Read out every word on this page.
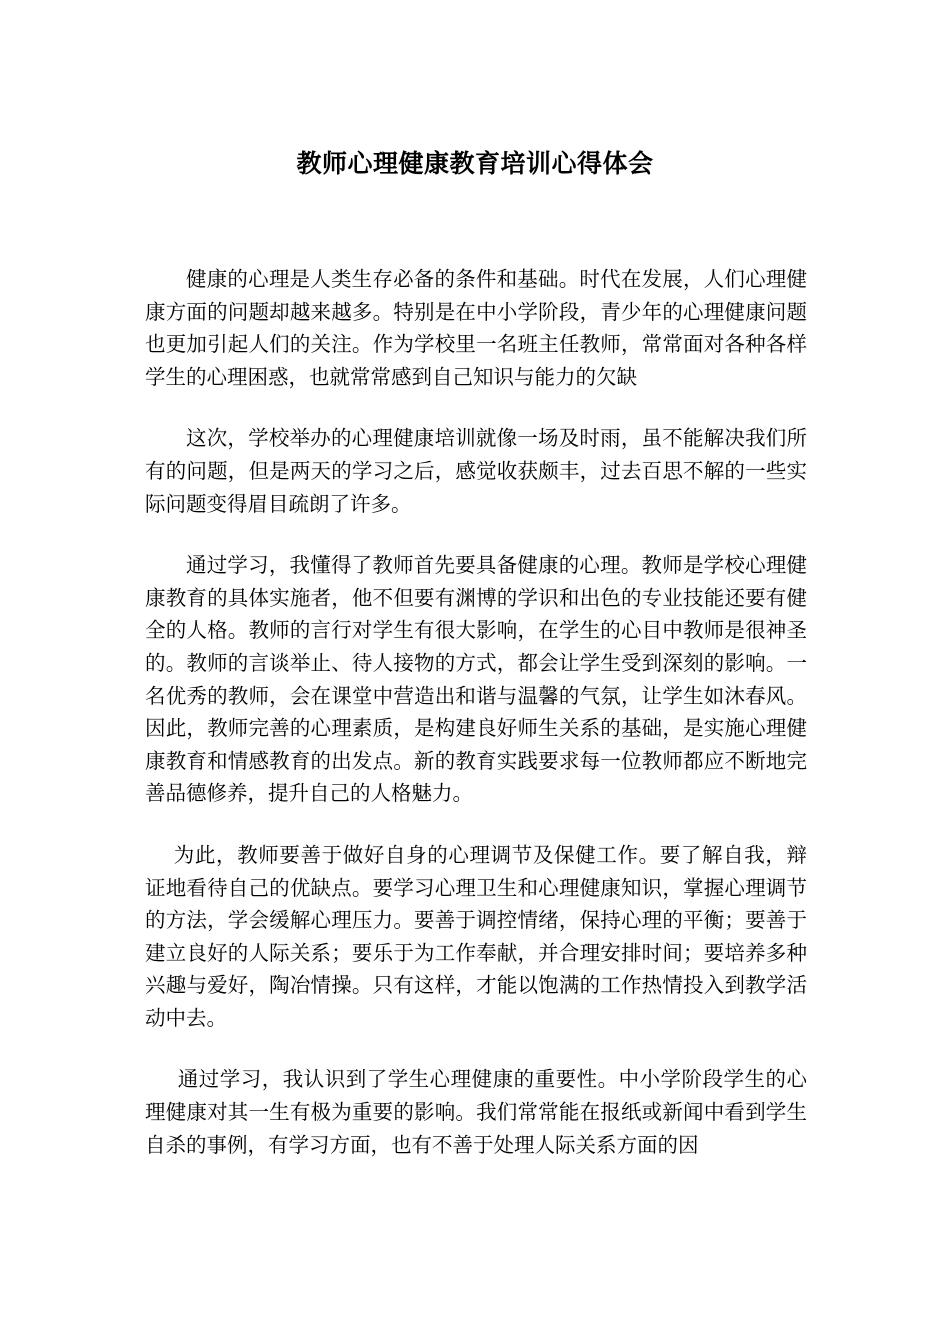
教师心理健康教育培训心得体会

健康的心理是人类生存必备的条件和基础。时代在发展，人们心理健康方面的问题却越来越多。特别是在中小学阶段，青少年的心理健康问题也更加引起人们的关注。作为学校里一名班主任教师，常常面对各种各样学生的心理困惑，也就常常感到自己知识与能力的欠缺

这次，学校举办的心理健康培训就像一场及时雨，虽不能解决我们所有的问题，但是两天的学习之后，感觉收获颇丰，过去百思不解的一些实际问题变得眉目疏朗了许多。

通过学习，我懂得了教师首先要具备健康的心理。教师是学校心理健康教育的具体实施者，他不但要有渊博的学识和出色的专业技能还要有健全的人格。教师的言行对学生有很大影响，在学生的心目中教师是很神圣的。教师的言谈举止、待人接物的方式，都会让学生受到深刻的影响。一名优秀的教师，会在课堂中营造出和谐与温馨的气氛，让学生如沐春风。因此，教师完善的心理素质，是构建良好师生关系的基础，是实施心理健康教育和情感教育的出发点。新的教育实践要求每一位教师都应不断地完善品德修养，提升自己的人格魅力。

为此，教师要善于做好自身的心理调节及保健工作。要了解自我，辩证地看待自己的优缺点。要学习心理卫生和心理健康知识，掌握心理调节的方法，学会缓解心理压力。要善于调控情绪，保持心理的平衡；要善于建立良好的人际关系；要乐于为工作奉献，并合理安排时间；要培养多种兴趣与爱好，陶冶情操。只有这样，才能以饱满的工作热情投入到教学活动中去。

通过学习，我认识到了学生心理健康的重要性。中小学阶段学生的心理健康对其一生有极为重要的影响。我们常常能在报纸或新闻中看到学生自杀的事例，有学习方面，也有不善于处理人际关系方面的因
